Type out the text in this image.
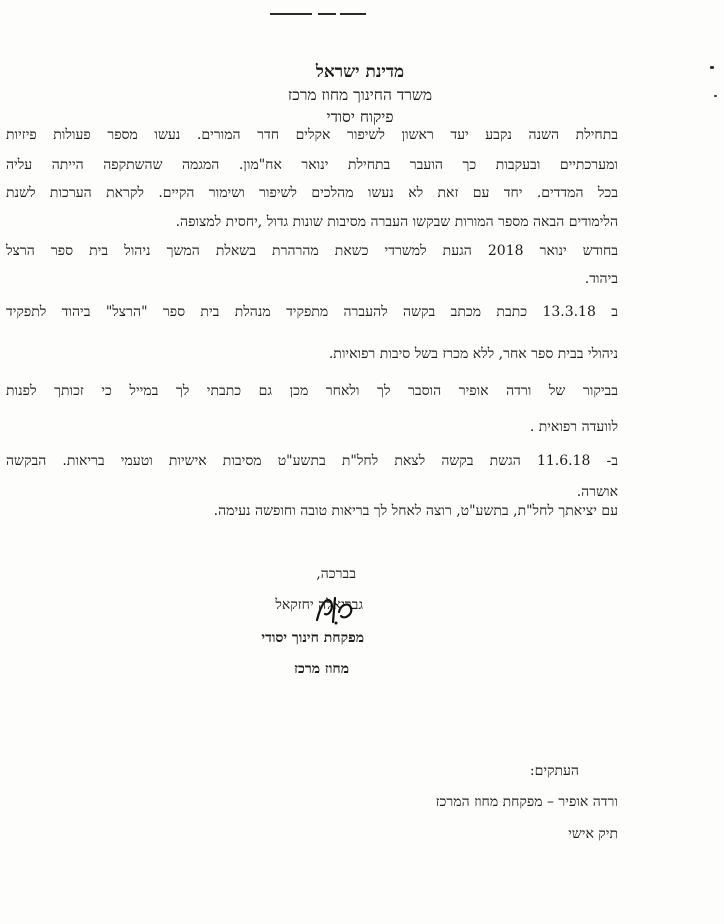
מדינת ישראל
משרד החינוך מחוז מרכז
פיקוח יסודי
בתחילת השנה נקבע יעד ראשון לשיפור אקלים חדר המורים. נעשו מספר פעולות פיזיות
ומערכתיים ובעקבות כך הועבר בתחילת ינואר אח"מון. המגמה שהשתקפה הייתה עליה
בכל המדדים. יחד עם זאת לא נעשו מהלכים לשיפור ושימור הקיים. לקראת הערכות לשנת
הלימודים הבאה מספר המורות שבקשו העברה מסיבות שונות גדול ,יחסית למצופה.
בחודש ינואר 2018 הגעת למשרדי כשאת מהרהרת בשאלת המשך ניהול בית ספר הרצל
ביהוד.
ב 13.3.18 כתבת מכתב בקשה להעברה מתפקיד מנהלת בית ספר "הרצל" ביהוד לתפקיד
ניהולי בבית ספר אחר, ללא מכרז בשל סיבות רפואיות.
בביקור של ורדה אופיר הוסבר לך ולאחר מכן גם כתבתי לך במייל כי זכותך לפנות
לוועדה רפואית .
ב- 11.6.18 הגשת בקשה לצאת לחל"ת בתשע"ט מסיבות אישיות וטעמי בריאות. הבקשה
אושרה.
עם יציאתך לחל"ת, בתשע"ט, רוצה לאחל לך בריאות טובה וחופשה נעימה.
בברכה,
גבריאלה יחזקאל
מפקחת חינוך יסודי
מחוז מרכז
העתקים:
ורדה אופיר – מפקחת מחוז המרכז
תיק אישי
